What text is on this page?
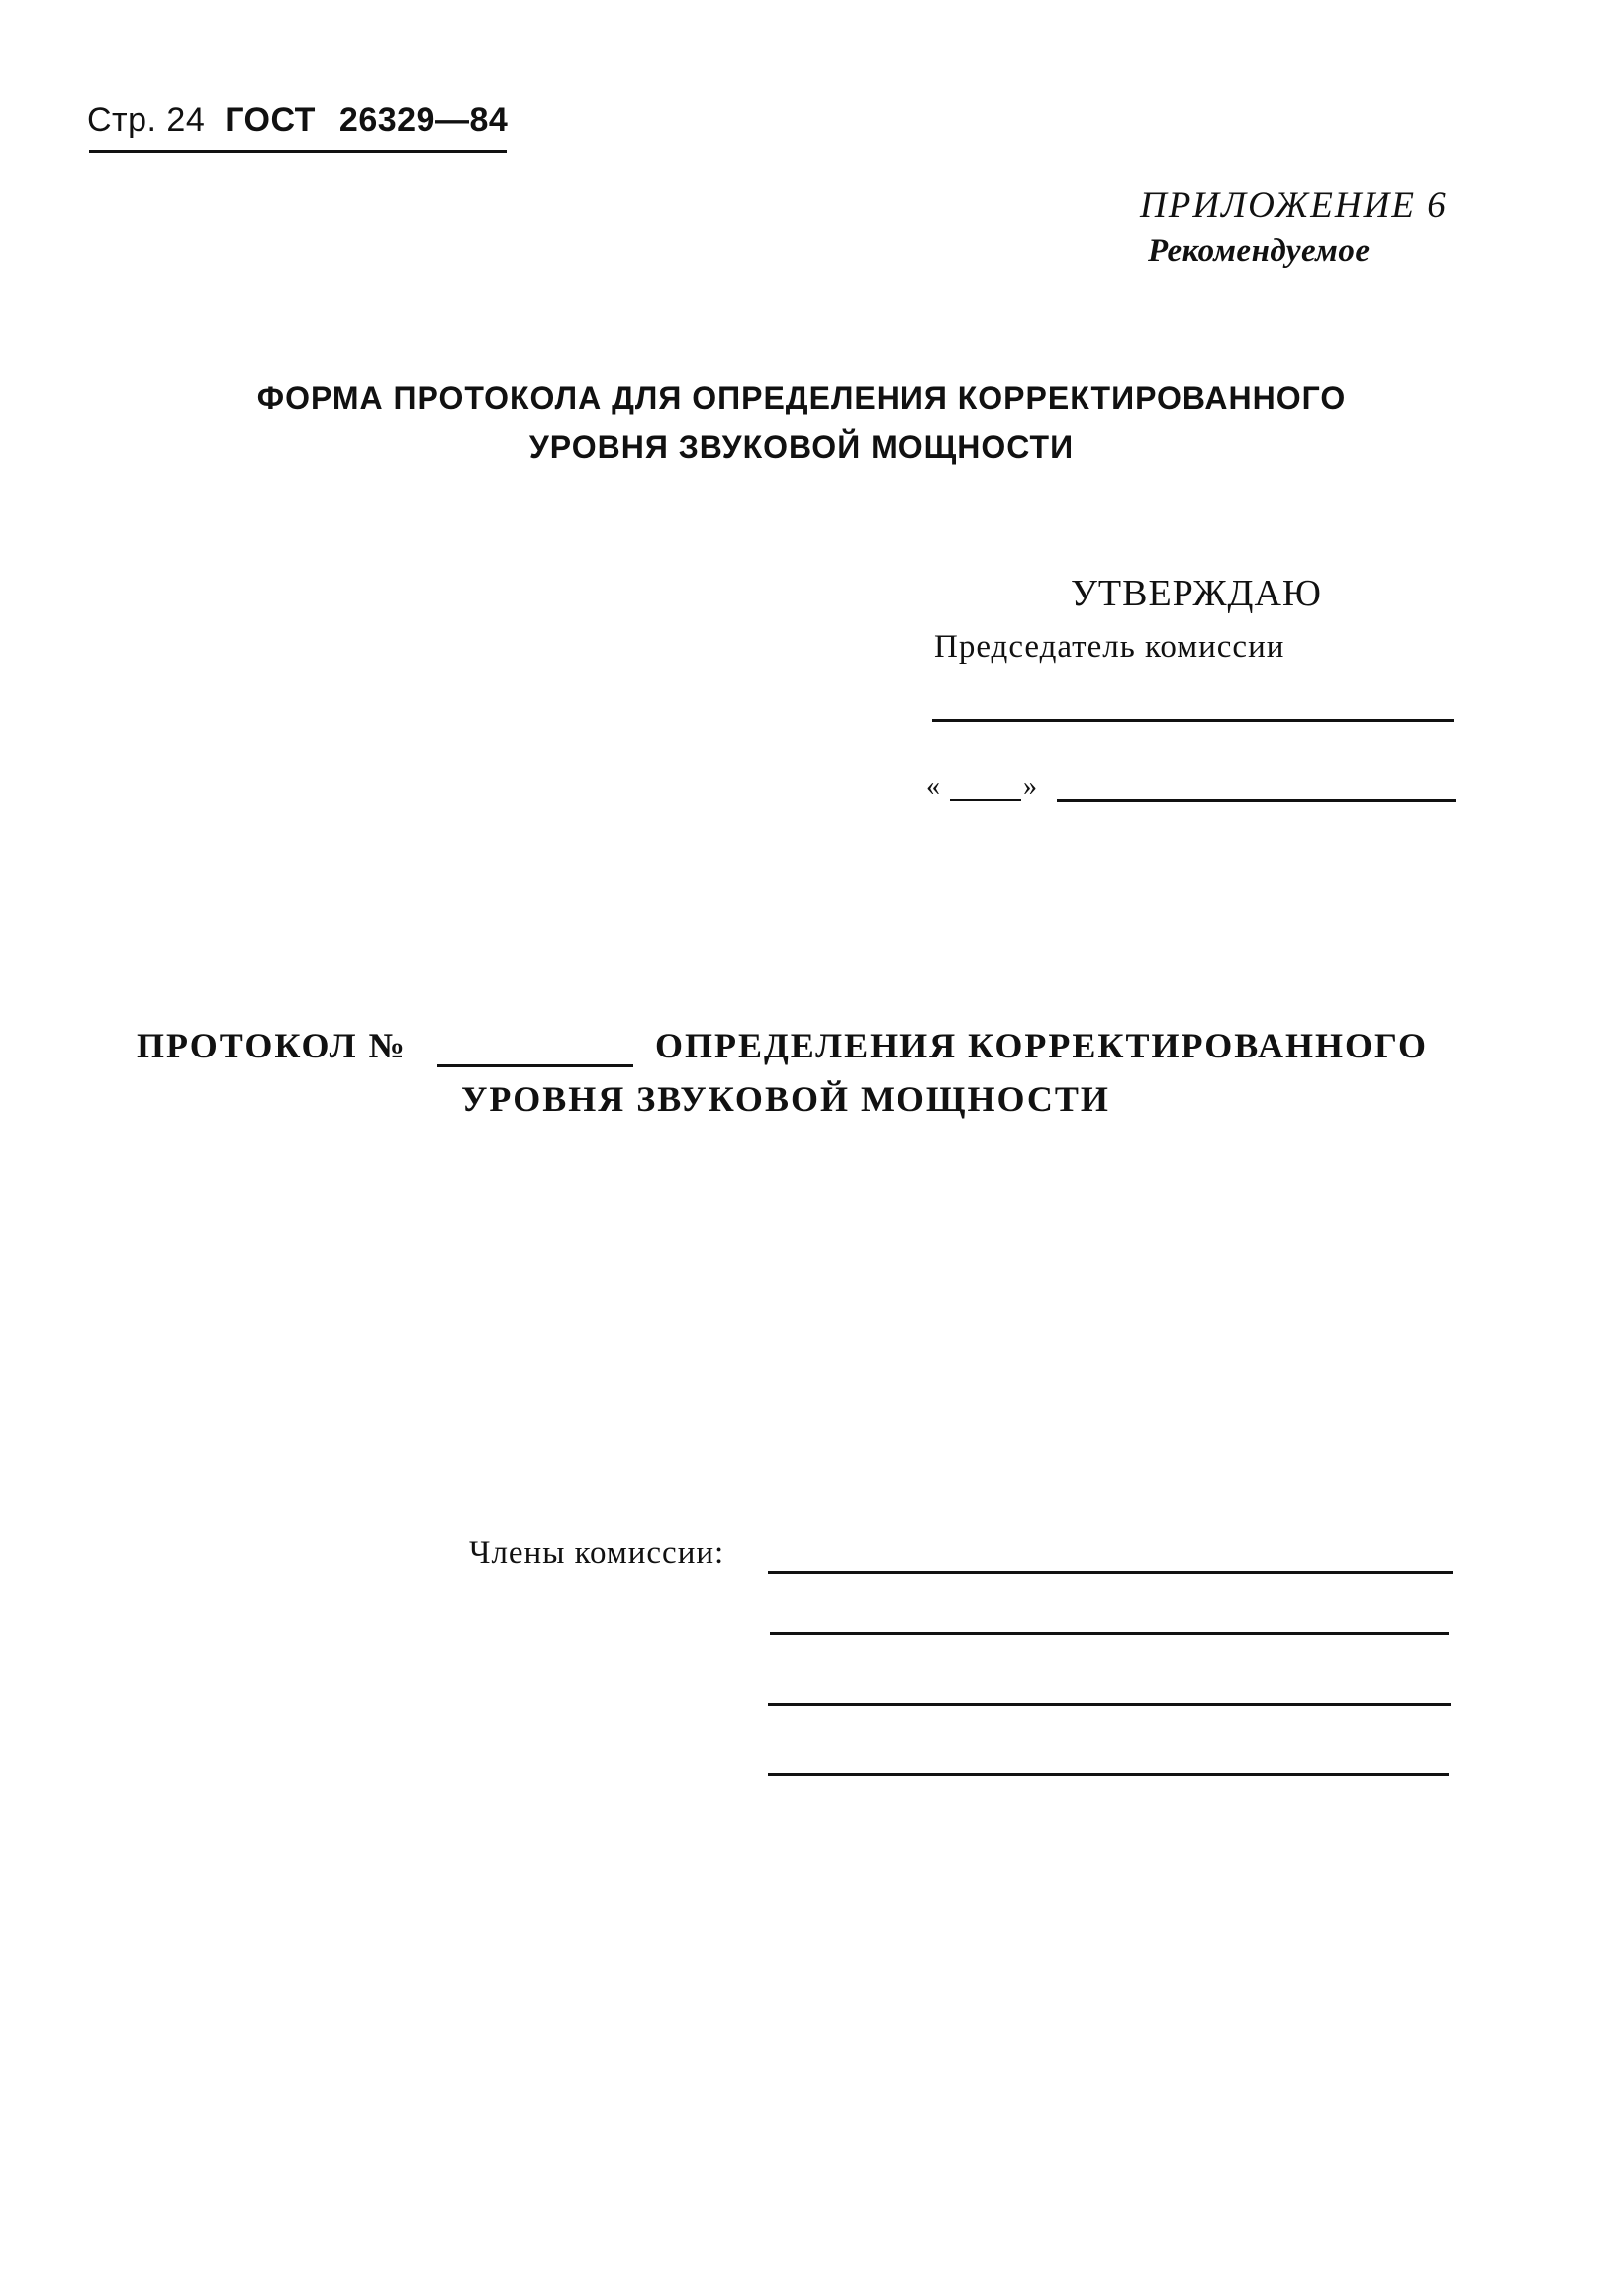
Стр. 24 ГОСТ 26329—84
ПРИЛОЖЕНИЕ 6
Рекомендуемое
ФОРМА ПРОТОКОЛА ДЛЯ ОПРЕДЕЛЕНИЯ КОРРЕКТИРОВАННОГО
УРОВНЯ ЗВУКОВОЙ МОЩНОСТИ
УТВЕРЖДАЮ
Председатель комиссии
«	»
ПРОТОКОЛ №	ОПРЕДЕЛЕНИЯ КОРРЕКТИРОВАННОГО
УРОВНЯ ЗВУКОВОЙ МОЩНОСТИ
Члены комиссии:
